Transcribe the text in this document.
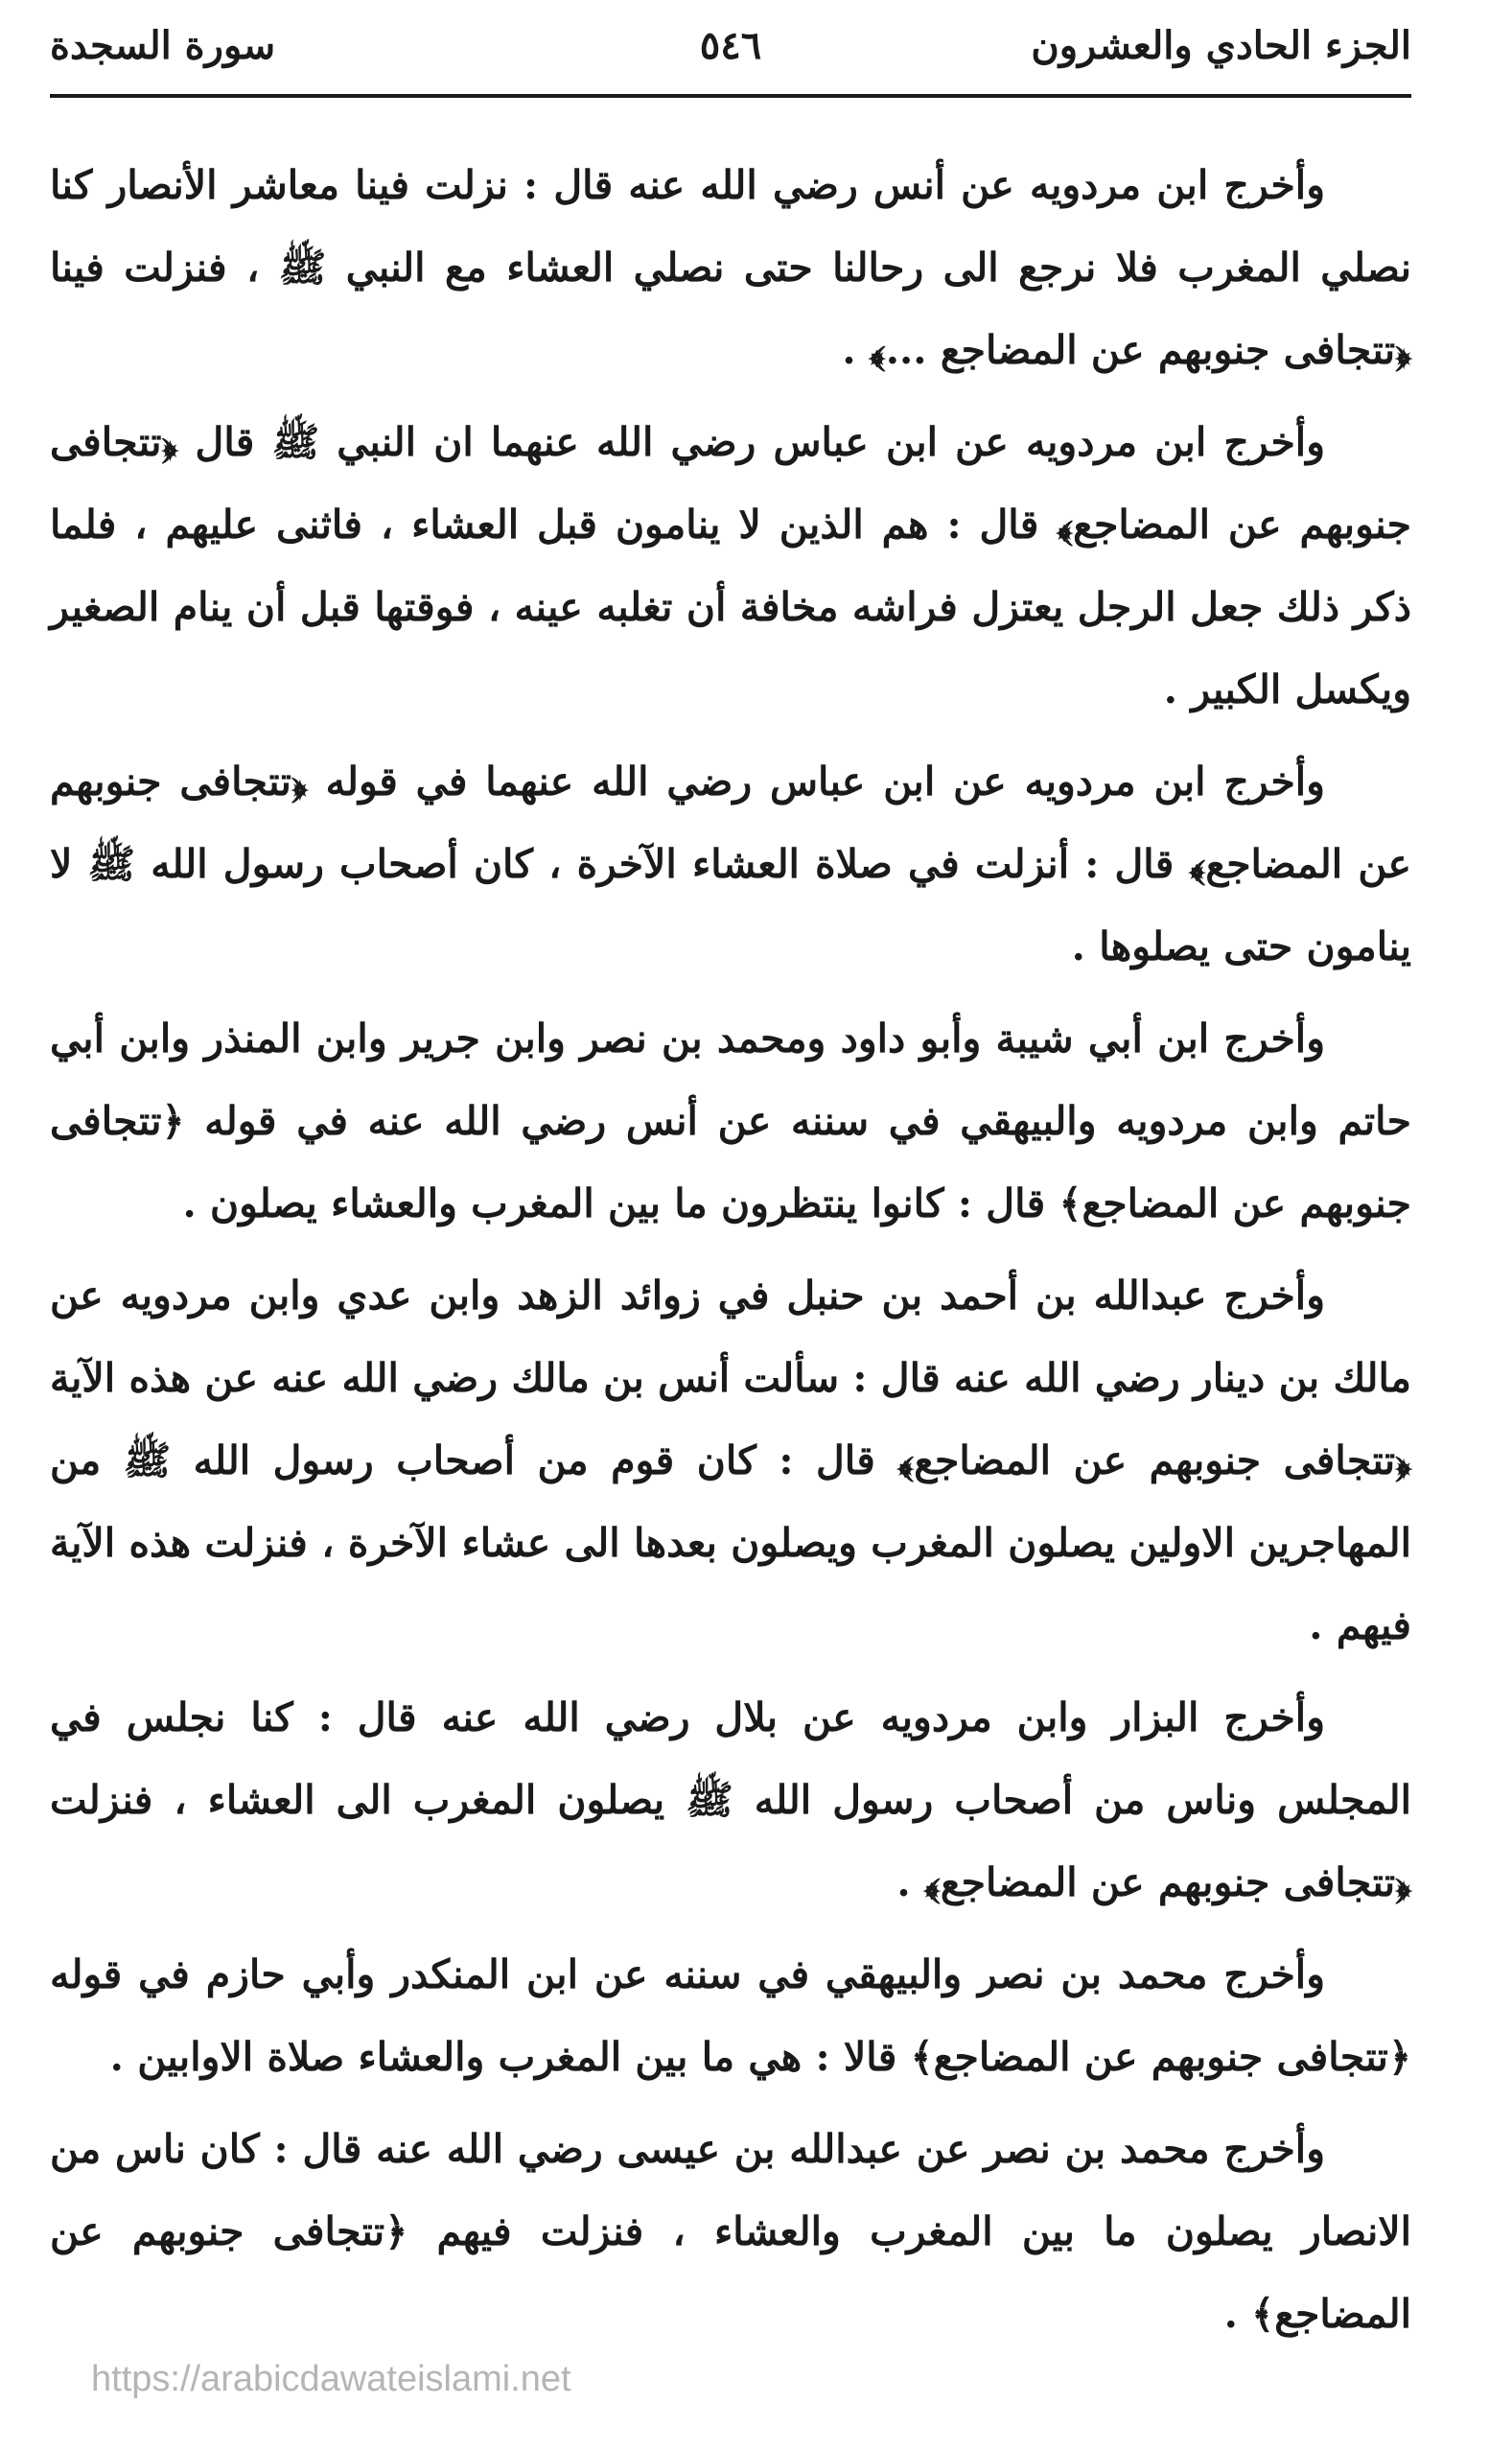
الجزء الحادي والعشرون
٥٤٦
سورة السجدة

وأخرج ابن مردويه عن أنس رضي الله عنه قال : نزلت فينا معاشر الأنصار كنا نصلي المغرب فلا نرجع الى رحالنا حتى نصلي العشاء مع النبي ﷺ ، فنزلت فينا ﴿تتجافى جنوبهم عن المضاجع ...﴾ .

وأخرج ابن مردويه عن ابن عباس رضي الله عنهما ان النبي ﷺ قال ﴿تتجافى جنوبهم عن المضاجع﴾ قال : هم الذين لا ينامون قبل العشاء ، فاثنى عليهم ، فلما ذكر ذلك جعل الرجل يعتزل فراشه مخافة أن تغلبه عينه ، فوقتها قبل أن ينام الصغير ويكسل الكبير .

وأخرج ابن مردويه عن ابن عباس رضي الله عنهما في قوله ﴿تتجافى جنوبهم عن المضاجع﴾ قال : أنزلت في صلاة العشاء الآخرة ، كان أصحاب رسول الله ﷺ لا ينامون حتى يصلوها .

وأخرج ابن أبي شيبة وأبو داود ومحمد بن نصر وابن جرير وابن المنذر وابن أبي حاتم وابن مردويه والبيهقي في سننه عن أنس رضي الله عنه في قوله ﴿تتجافى جنوبهم عن المضاجع﴾ قال : كانوا ينتظرون ما بين المغرب والعشاء يصلون .

وأخرج عبدالله بن أحمد بن حنبل في زوائد الزهد وابن عدي وابن مردويه عن مالك بن دينار رضي الله عنه قال : سألت أنس بن مالك رضي الله عنه عن هذه الآية ﴿تتجافى جنوبهم عن المضاجع﴾ قال : كان قوم من أصحاب رسول الله ﷺ من المهاجرين الاولين يصلون المغرب ويصلون بعدها الى عشاء الآخرة ، فنزلت هذه الآية فيهم .

وأخرج البزار وابن مردويه عن بلال رضي الله عنه قال : كنا نجلس في المجلس وناس من أصحاب رسول الله ﷺ يصلون المغرب الى العشاء ، فنزلت ﴿تتجافى جنوبهم عن المضاجع﴾ .

وأخرج محمد بن نصر والبيهقي في سننه عن ابن المنكدر وأبي حازم في قوله ﴿تتجافى جنوبهم عن المضاجع﴾ قالا : هي ما بين المغرب والعشاء صلاة الاوابين .

وأخرج محمد بن نصر عن عبدالله بن عيسى رضي الله عنه قال : كان ناس من الانصار يصلون ما بين المغرب والعشاء ، فنزلت فيهم ﴿تتجافى جنوبهم عن المضاجع﴾ .

https://arabicdawateislami.net
